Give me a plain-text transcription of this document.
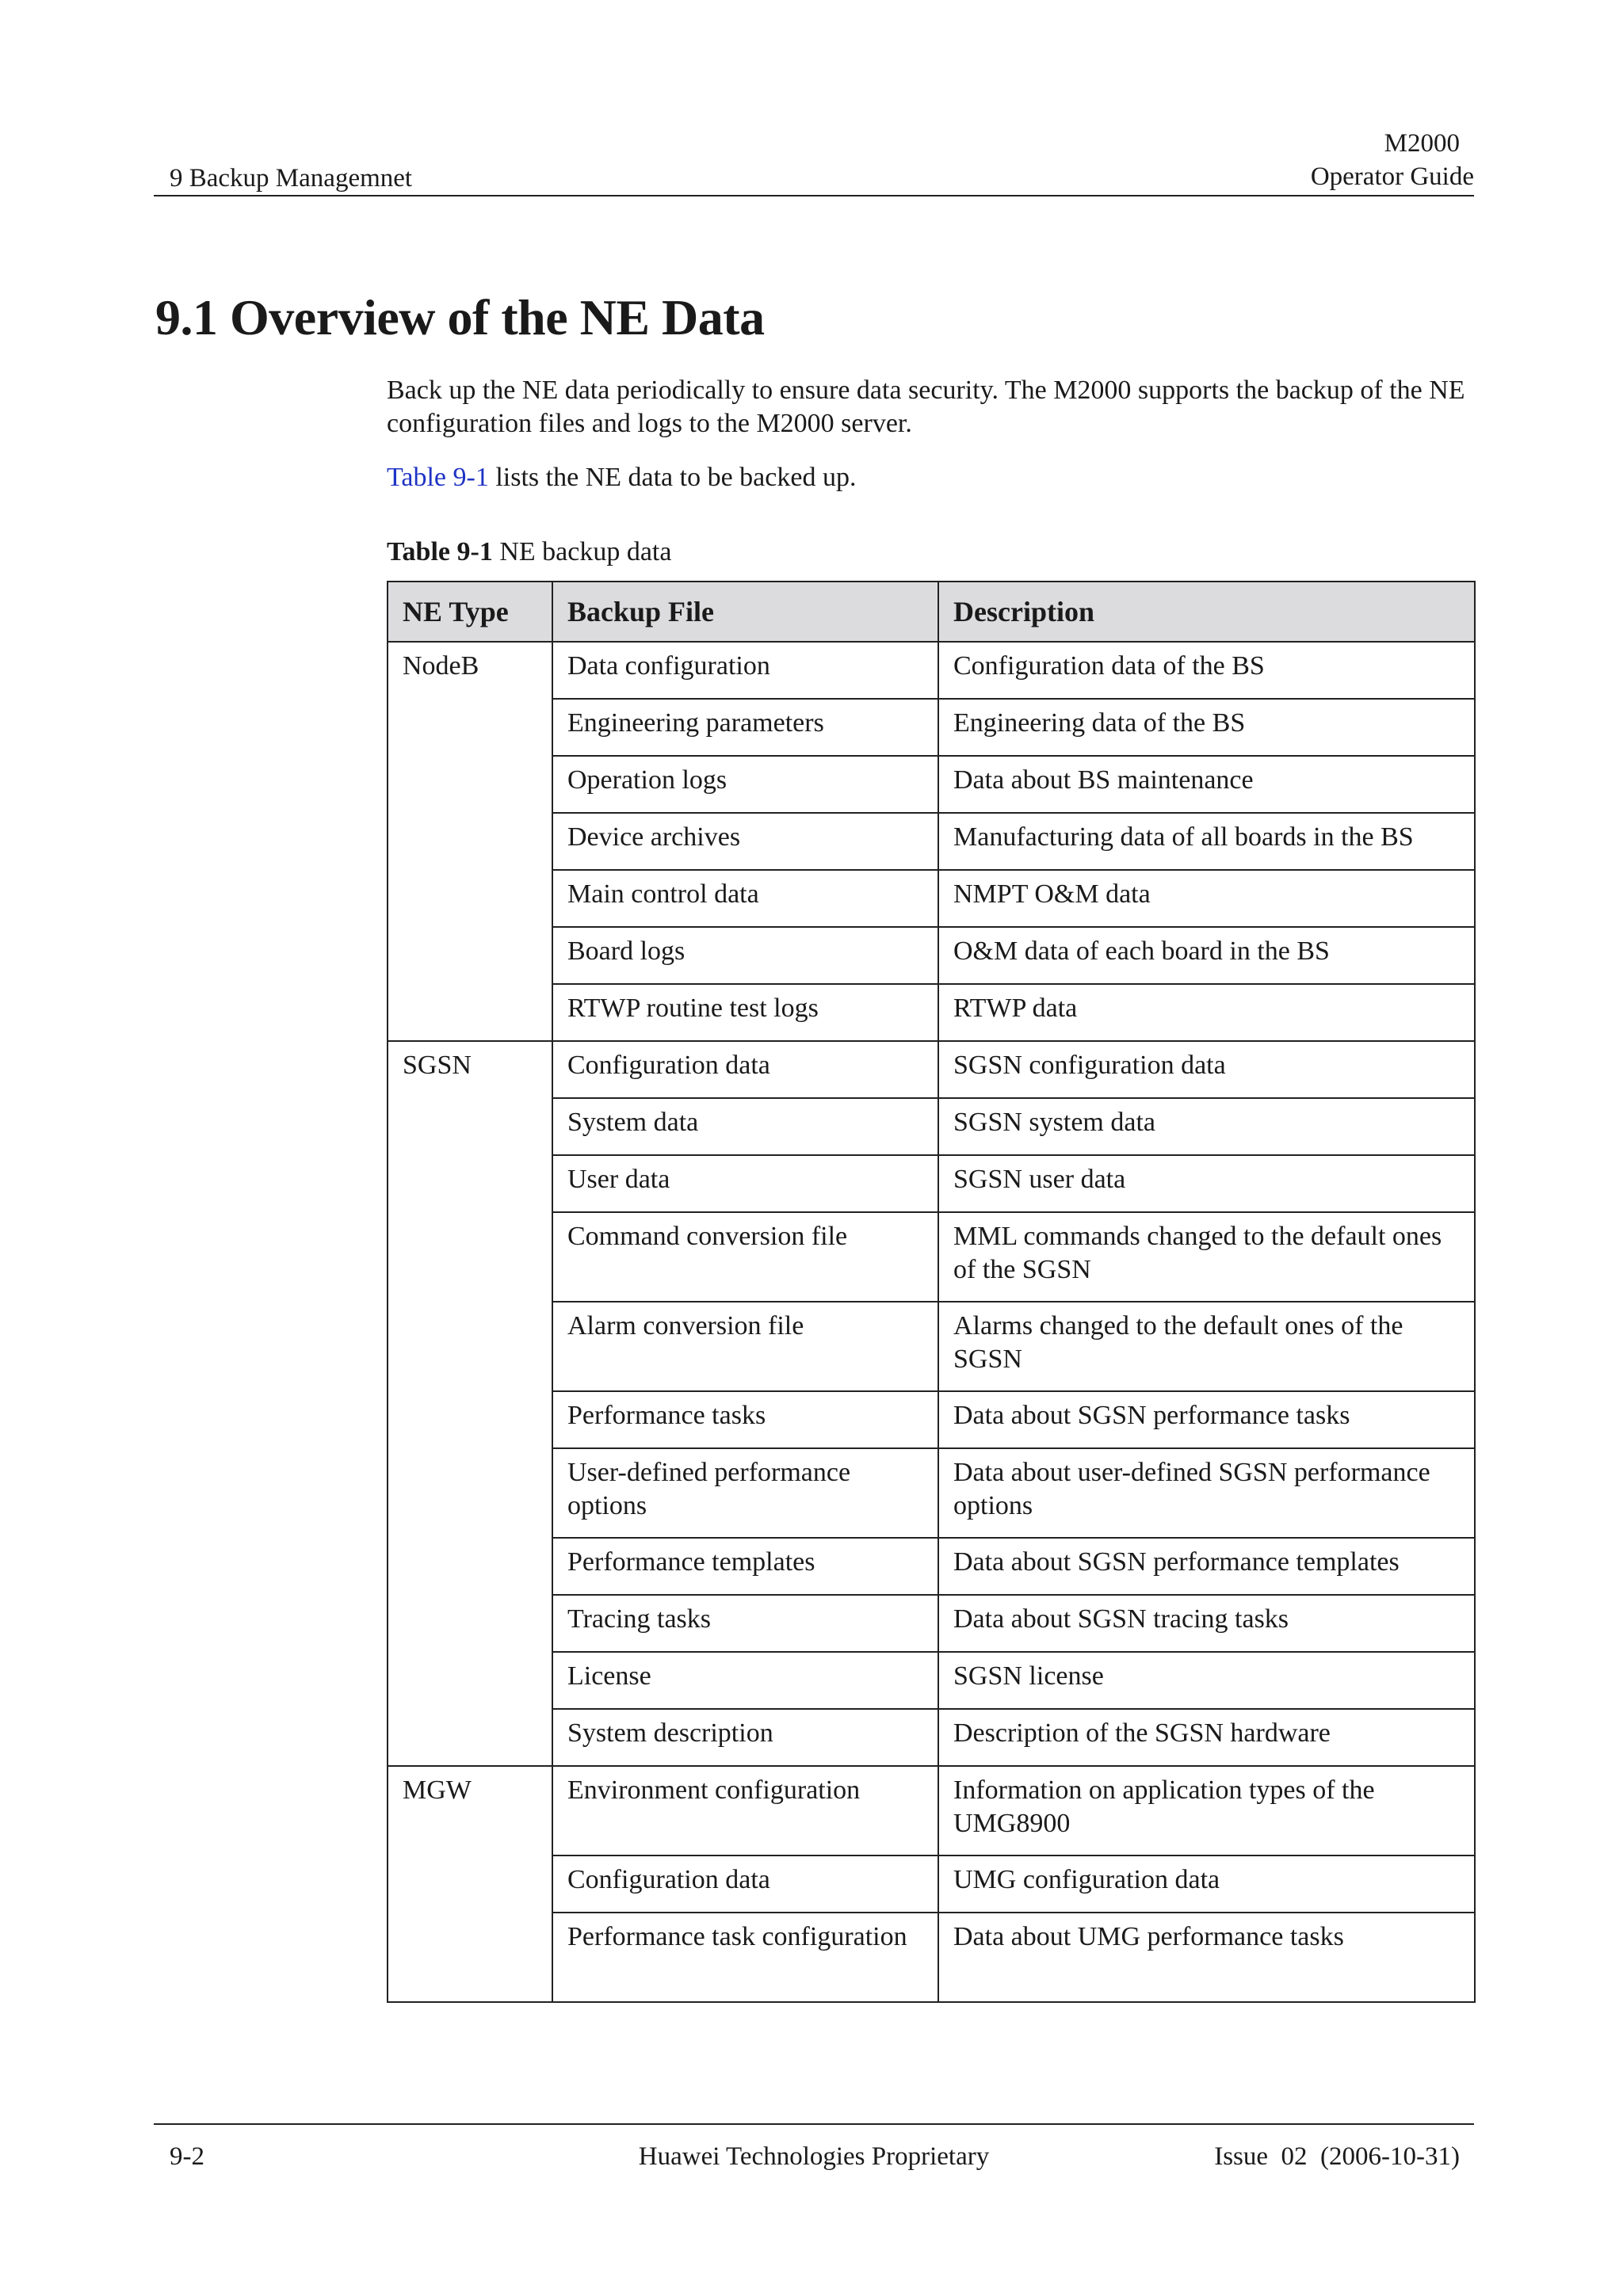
9 Backup Managemnet
M2000
Operator Guide
9.1 Overview of the NE Data
Back up the NE data periodically to ensure data security. The M2000 supports the backup of the NE configuration files and logs to the M2000 server.
Table 9-1 lists the NE data to be backed up.
Table 9-1 NE backup data
NE Type	Backup File	Description
NodeB	Data configuration	Configuration data of the BS
	Engineering parameters	Engineering data of the BS
	Operation logs	Data about BS maintenance
	Device archives	Manufacturing data of all boards in the BS
	Main control data	NMPT O&M data
	Board logs	O&M data of each board in the BS
	RTWP routine test logs	RTWP data
SGSN	Configuration data	SGSN configuration data
	System data	SGSN system data
	User data	SGSN user data
	Command conversion file	MML commands changed to the default ones of the SGSN
	Alarm conversion file	Alarms changed to the default ones of the SGSN
	Performance tasks	Data about SGSN performance tasks
	User-defined performance options	Data about user-defined SGSN performance options
	Performance templates	Data about SGSN performance templates
	Tracing tasks	Data about SGSN tracing tasks
	License	SGSN license
	System description	Description of the SGSN hardware
MGW	Environment configuration	Information on application types of the UMG8900
	Configuration data	UMG configuration data
	Performance task configuration	Data about UMG performance tasks
9-2	Huawei Technologies Proprietary	Issue  02  (2006-10-31)
